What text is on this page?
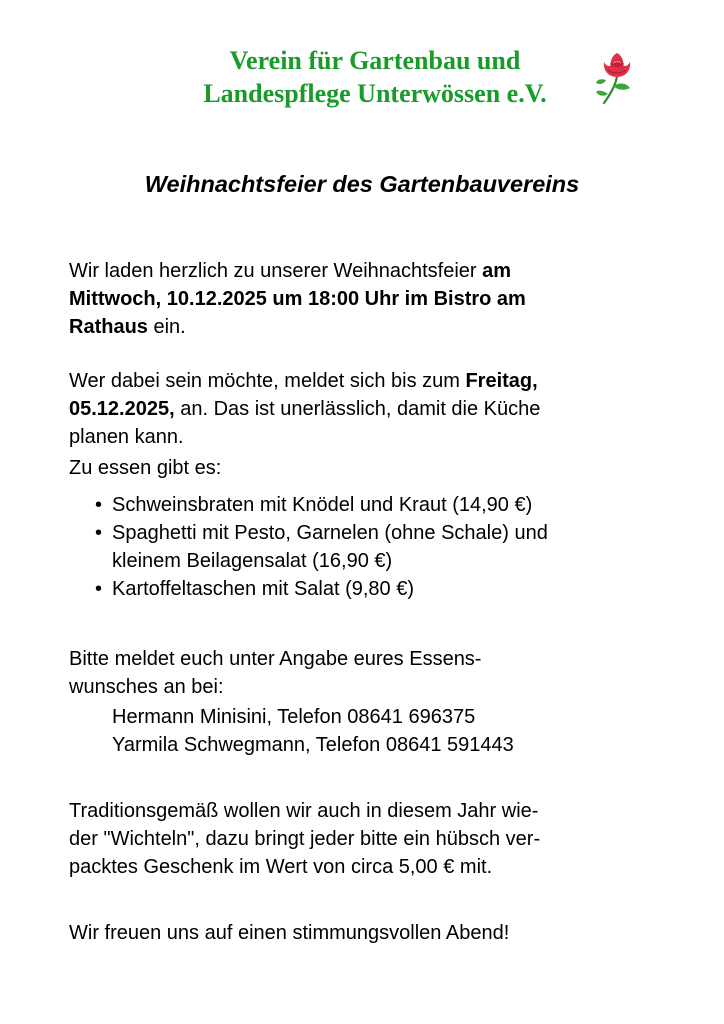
Verein für Gartenbau und
Landespflege Unterwössen e.V.
Weihnachtsfeier des Gartenbauvereins
Wir laden herzlich zu unserer Weihnachtsfeier am
Mittwoch, 10.12.2025 um 18:00 Uhr im Bistro am
Rathaus ein.
Wer dabei sein möchte, meldet sich bis zum Freitag,
05.12.2025, an. Das ist unerlässlich, damit die Küche
planen kann.
Zu essen gibt es:
• Schweinsbraten mit Knödel und Kraut (14,90 €)
• Spaghetti mit Pesto, Garnelen (ohne Schale) und
kleinem Beilagensalat (16,90 €)
• Kartoffeltaschen mit Salat (9,80 €)
Bitte meldet euch unter Angabe eures Essens-
wunsches an bei:
Hermann Minisini, Telefon 08641 696375
Yarmila Schwegmann, Telefon 08641 591443
Traditionsgemäß wollen wir auch in diesem Jahr wie-
der "Wichteln", dazu bringt jeder bitte ein hübsch ver-
packtes Geschenk im Wert von circa 5,00 € mit.
Wir freuen uns auf einen stimmungsvollen Abend!
